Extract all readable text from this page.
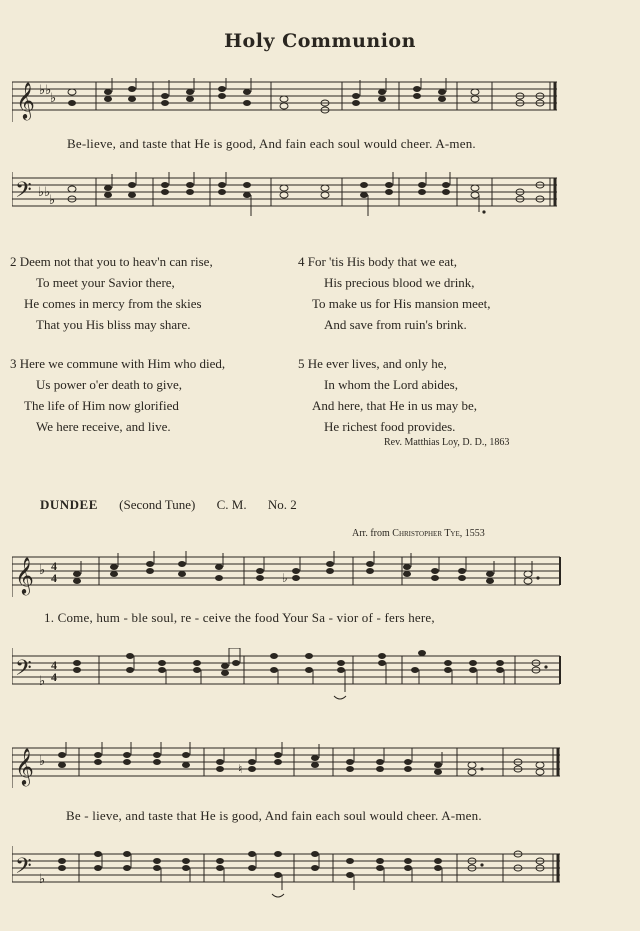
Holy Communion
𝄞 ♭♭
♭
Be-lieve, and taste that He is good, And fain each soul would cheer. A-men.
𝄢 ♭♭
♭
2 Deem not that you to heav'n can rise,
To meet your Savior there,
He comes in mercy from the skies
That you His bliss may share.
3 Here we commune with Him who died,
Us power o'er death to give,
The life of Him now glorified
We here receive, and live.
4 For 'tis His body that we eat,
His precious blood we drink,
To make us for His mansion meet,
And save from ruin's brink.
5 He ever lives, and only he,
In whom the Lord abides,
And here, that He in us may be,
He richest food provides.
Rev. Matthias Loy, D. D., 1863
DUNDEE (Second Tune) C. M. No. 2
Arr. from Christopher Tye, 1553
𝄞 ♭ 4
4	♭
1. Come, hum - ble soul, re - ceive the food Your Sa - vior of - fers here,
𝄢 ♭
4
4
𝄞 ♭
♮
Be - lieve, and taste that He is good, And fain each soul would cheer. A-men.
𝄢 ♭
